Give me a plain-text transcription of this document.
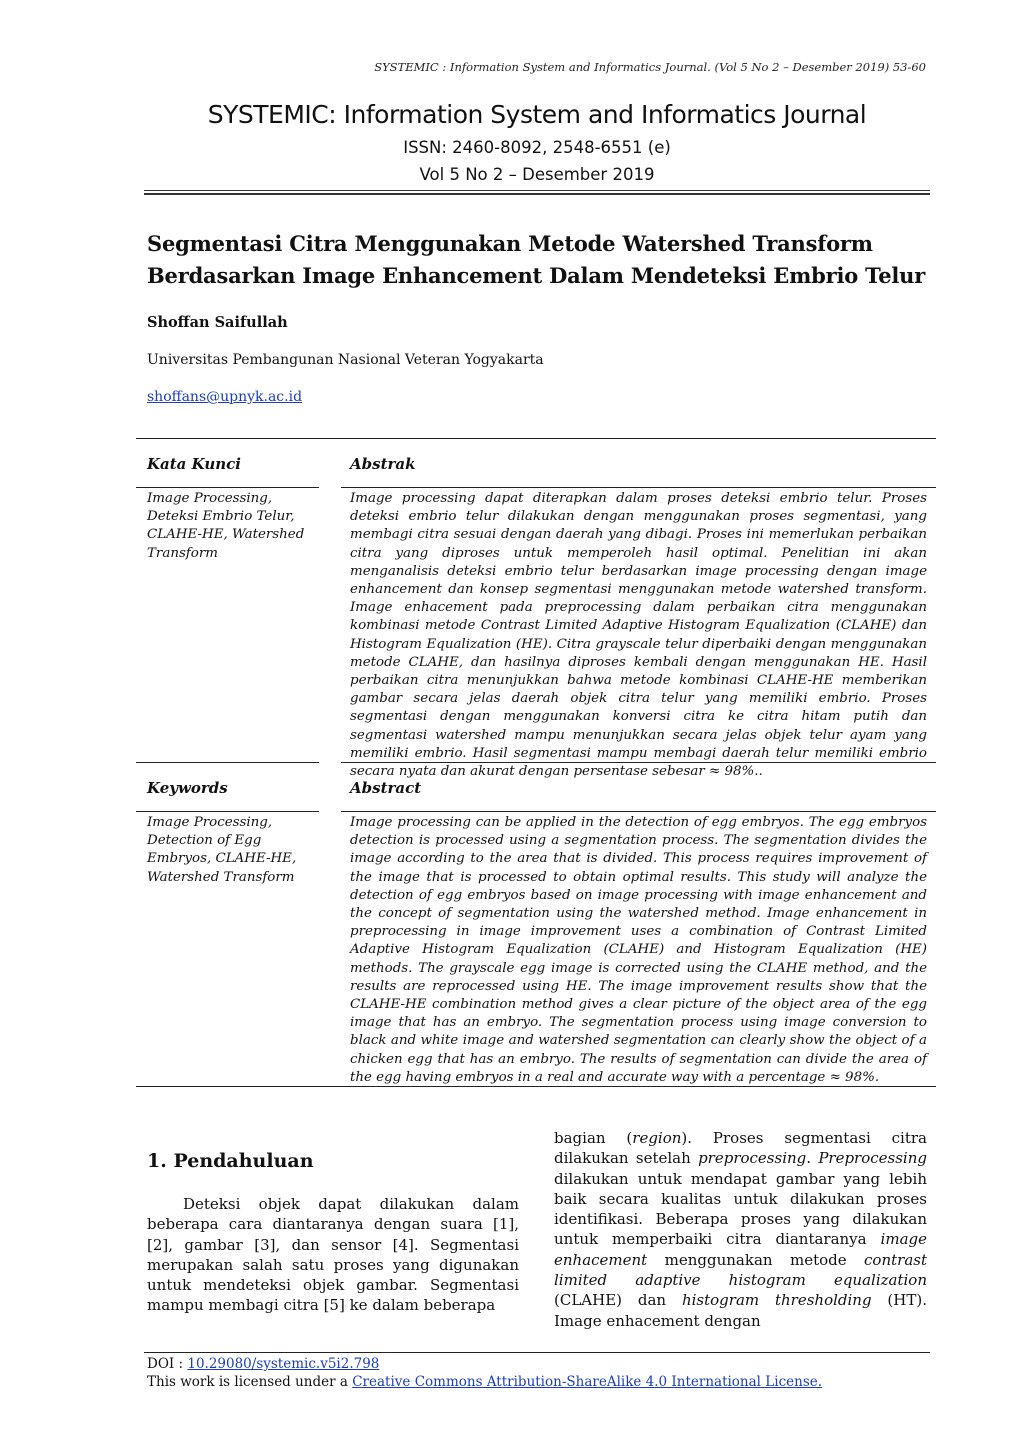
SYSTEMIC : Information System and Informatics Journal. (Vol 5 No 2 – Desember 2019) 53-60
SYSTEMIC: Information System and Informatics Journal
ISSN: 2460-8092, 2548-6551 (e)
Vol 5 No 2 – Desember 2019
Segmentasi Citra Menggunakan Metode Watershed Transform
Berdasarkan Image Enhancement Dalam Mendeteksi Embrio Telur
Shoffan Saifullah
Universitas Pembangunan Nasional Veteran Yogyakarta
shoffans@upnyk.ac.id
Kata Kunci	Abstrak
Image Processing, Deteksi Embrio Telur, CLAHE-HE, Watershed Transform
Image processing dapat diterapkan dalam proses deteksi embrio telur. Proses deteksi embrio telur dilakukan dengan menggunakan proses segmentasi, yang membagi citra sesuai dengan daerah yang dibagi. Proses ini memerlukan perbaikan citra yang diproses untuk memperoleh hasil optimal. Penelitian ini akan menganalisis deteksi embrio telur berdasarkan image processing dengan image enhancement dan konsep segmentasi menggunakan metode watershed transform. Image enhacement pada preprocessing dalam perbaikan citra menggunakan kombinasi metode Contrast Limited Adaptive Histogram Equalization (CLAHE) dan Histogram Equalization (HE). Citra grayscale telur diperbaiki dengan menggunakan metode CLAHE, dan hasilnya diproses kembali dengan menggunakan HE. Hasil perbaikan citra menunjukkan bahwa metode kombinasi CLAHE-HE memberikan gambar secara jelas daerah objek citra telur yang memiliki embrio. Proses segmentasi dengan menggunakan konversi citra ke citra hitam putih dan segmentasi watershed mampu menunjukkan secara jelas objek telur ayam yang memiliki embrio. Hasil segmentasi mampu membagi daerah telur memiliki embrio secara nyata dan akurat dengan persentase sebesar ≈ 98%..
Keywords	Abstract
Image Processing, Detection of Egg Embryos, CLAHE-HE, Watershed Transform
Image processing can be applied in the detection of egg embryos. The egg embryos detection is processed using a segmentation process. The segmentation divides the image according to the area that is divided. This process requires improvement of the image that is processed to obtain optimal results. This study will analyze the detection of egg embryos based on image processing with image enhancement and the concept of segmentation using the watershed method. Image enhancement in preprocessing in image improvement uses a combination of Contrast Limited Adaptive Histogram Equalization (CLAHE) and Histogram Equalization (HE) methods. The grayscale egg image is corrected using the CLAHE method, and the results are reprocessed using HE. The image improvement results show that the CLAHE-HE combination method gives a clear picture of the object area of the egg image that has an embryo. The segmentation process using image conversion to black and white image and watershed segmentation can clearly show the object of a chicken egg that has an embryo. The results of segmentation can divide the area of the egg having embryos in a real and accurate way with a percentage ≈ 98%.
1. Pendahuluan

Deteksi objek dapat dilakukan dalam beberapa cara diantaranya dengan suara [1], [2], gambar [3], dan sensor [4]. Segmentasi merupakan salah satu proses yang digunakan untuk mendeteksi objek gambar. Segmentasi mampu membagi citra [5] ke dalam beberapa

bagian (region). Proses segmentasi citra dilakukan setelah preprocessing. Preprocessing dilakukan untuk mendapat gambar yang lebih baik secara kualitas untuk dilakukan proses identifikasi. Beberapa proses yang dilakukan untuk memperbaiki citra diantaranya image enhacement menggunakan metode contrast limited adaptive histogram equalization (CLAHE) dan histogram thresholding (HT). Image enhacement dengan

DOI : 10.29080/systemic.v5i2.798
This work is licensed under a Creative Commons Attribution-ShareAlike 4.0 International License.
